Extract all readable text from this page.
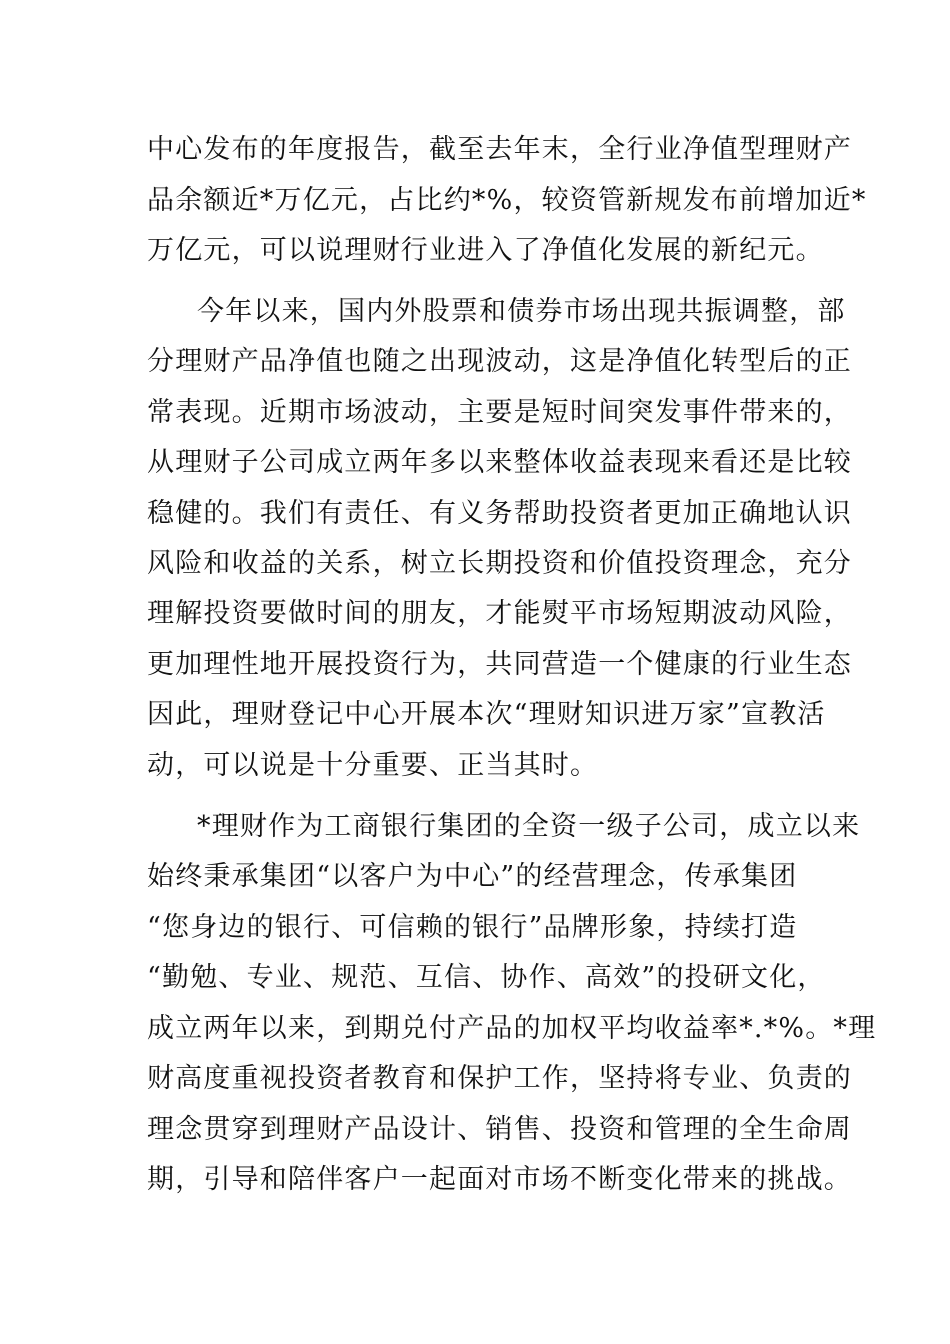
中心发布的年度报告，截至去年末，全行业净值型理财产
品余额近*万亿元，占比约*%，较资管新规发布前增加近*
万亿元，可以说理财行业进入了净值化发展的新纪元。
今年以来，国内外股票和债券市场出现共振调整，部
分理财产品净值也随之出现波动，这是净值化转型后的正
常表现。近期市场波动，主要是短时间突发事件带来的，
从理财子公司成立两年多以来整体收益表现来看还是比较
稳健的。我们有责任、有义务帮助投资者更加正确地认识
风险和收益的关系，树立长期投资和价值投资理念，充分
理解投资要做时间的朋友，才能熨平市场短期波动风险，
更加理性地开展投资行为，共同营造一个健康的行业生态
因此，理财登记中心开展本次“理财知识进万家”宣教活
动，可以说是十分重要、正当其时。
*理财作为工商银行集团的全资一级子公司，成立以来
始终秉承集团“以客户为中心”的经营理念，传承集团
“您身边的银行、可信赖的银行”品牌形象，持续打造
“勤勉、专业、规范、互信、协作、高效”的投研文化，
成立两年以来，到期兑付产品的加权平均收益率*.*%。*理
财高度重视投资者教育和保护工作，坚持将专业、负责的
理念贯穿到理财产品设计、销售、投资和管理的全生命周
期，引导和陪伴客户一起面对市场不断变化带来的挑战。
